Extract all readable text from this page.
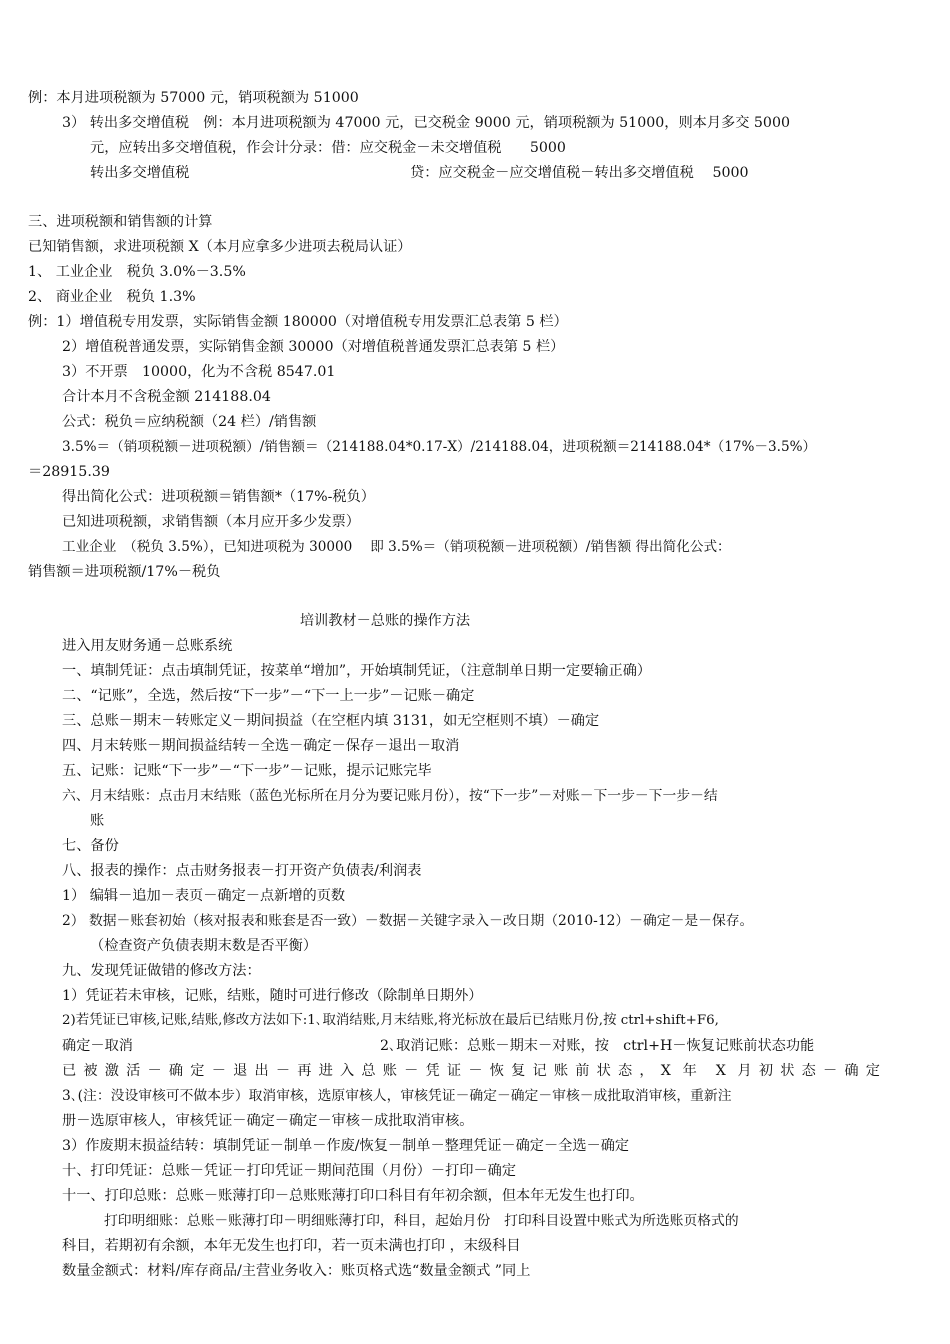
例：本月进项税额为 57000 元，销项税额为 51000
3） 转出多交增值税　例：本月进项税额为 47000 元，已交税金 9000 元，销项税额为 51000，则本月多交 5000
元，应转出多交增值税，作会计分录：借：应交税金－未交增值税　　5000
转出多交增值税	贷：应交税金－应交增值税－转出多交增值税　 5000
三、进项税额和销售额的计算
已知销售额，求进项税额 X（本月应拿多少进项去税局认证）
1、 工业企业　税负 3.0%－3.5%
2、 商业企业　税负 1.3%
例：1）增值税专用发票，实际销售金额 180000（对增值税专用发票汇总表第 5 栏）
2）增值税普通发票，实际销售金额 30000（对增值税普通发票汇总表第 5 栏）
3）不开票　10000，化为不含税 8547.01
合计本月不含税金额 214188.04
公式：税负＝应纳税额（24 栏）/销售额
3.5%＝（销项税额－进项税额）/销售额＝（214188.04*0.17-X）/214188.04，进项税额＝214188.04*（17%－3.5%）
＝28915.39
得出简化公式：进项税额＝销售额*（17%-税负）
已知进项税额，求销售额（本月应开多少发票）
工业企业　（税负 3.5%），已知进项税为 30000　 即 3.5%＝（销项税额－进项税额）/销售额 得出简化公式：
销售额＝进项税额/17%－税负
培训教材－总账的操作方法
进入用友财务通－总账系统
一、填制凭证：点击填制凭证，按菜单“增加”，开始填制凭证，（注意制单日期一定要输正确）
二、“记账”，全选，然后按“下一步”－“下一上一步”－记账－确定
三、总账－期末－转账定义－期间损益（在空框内填 3131，如无空框则不填）－确定
四、月末转账－期间损益结转－全选－确定－保存－退出－取消
五、记账：记账“下一步”－“下一步”－记账，提示记账完毕
六、月末结账：点击月末结账（蓝色光标所在月分为要记账月份），按“下一步”－对账－下一步－下一步－结
账
七、备份
八、报表的操作：点击财务报表－打开资产负债表/利润表
1） 编辑－追加－表页－确定－点新增的页数
2） 数据－账套初始（核对报表和账套是否一致）－数据－关键字录入－改日期（2010-12）－确定－是－保存。
（检查资产负债表期末数是否平衡）
九、发现凭证做错的修改方法：
1）凭证若未审核，记账，结账，随时可进行修改（除制单日期外）
2)若凭证已审核,记账,结账,修改方法如下:1､取消结账,月末结账,将光标放在最后已结账月份,按 ctrl+shift+F6,
确定－取消	2､取消记账：总账－期末－对账，按　ctrl+H－恢复记账前状态功能
已被激活－确定－退出－再进入总账－凭证－恢复记账前状态，X 年 X 月初状态－确定
3､(注：没设审核可不做本步）取消审核，选原审核人，审核凭证－确定－确定－审核－成批取消审核，重新注
册－选原审核人，审核凭证－确定－确定－审核－成批取消审核。
3）作废期末损益结转：填制凭证－制单－作废/恢复－制单－整理凭证－确定－全选－确定
十、打印凭证：总账－凭证－打印凭证－期间范围（月份）－打印－确定
十一、打印总账：总账－账薄打印－总账账薄打印口科目有年初余额，但本年无发生也打印。
打印明细账：总账－账薄打印－明细账薄打印，科目，起始月份　打印科目设置中账式为所选账页格式的
科目，若期初有余额，本年无发生也打印，若一页未满也打印 ，末级科目
数量金额式：材料/库存商品/主营业务收入：账页格式选“数量金额式 ”同上
